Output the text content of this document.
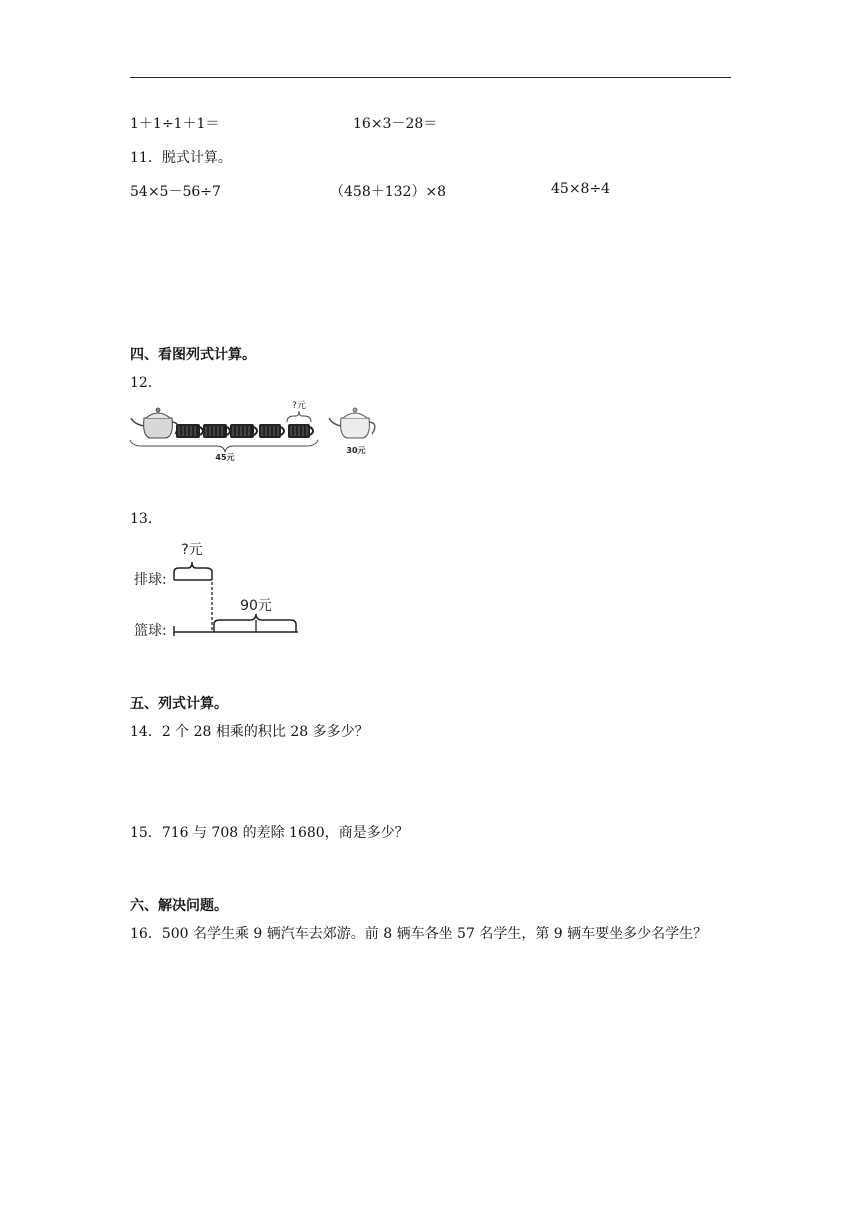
1＋1÷1＋1＝	16×3－28＝
11．脱式计算。
54×5－56÷7	（458＋132）×8	45×8÷4
四、看图列式计算。
12．
?元
45元
30元
13．
?元
排球:
90元
篮球:
五、列式计算。
14．2 个 28 相乘的积比 28 多多少？
15．716 与 708 的差除 1680，商是多少？
六、解决问题。
16．500 名学生乘 9 辆汽车去郊游。前 8 辆车各坐 57 名学生，第 9 辆车要坐多少名学生？
